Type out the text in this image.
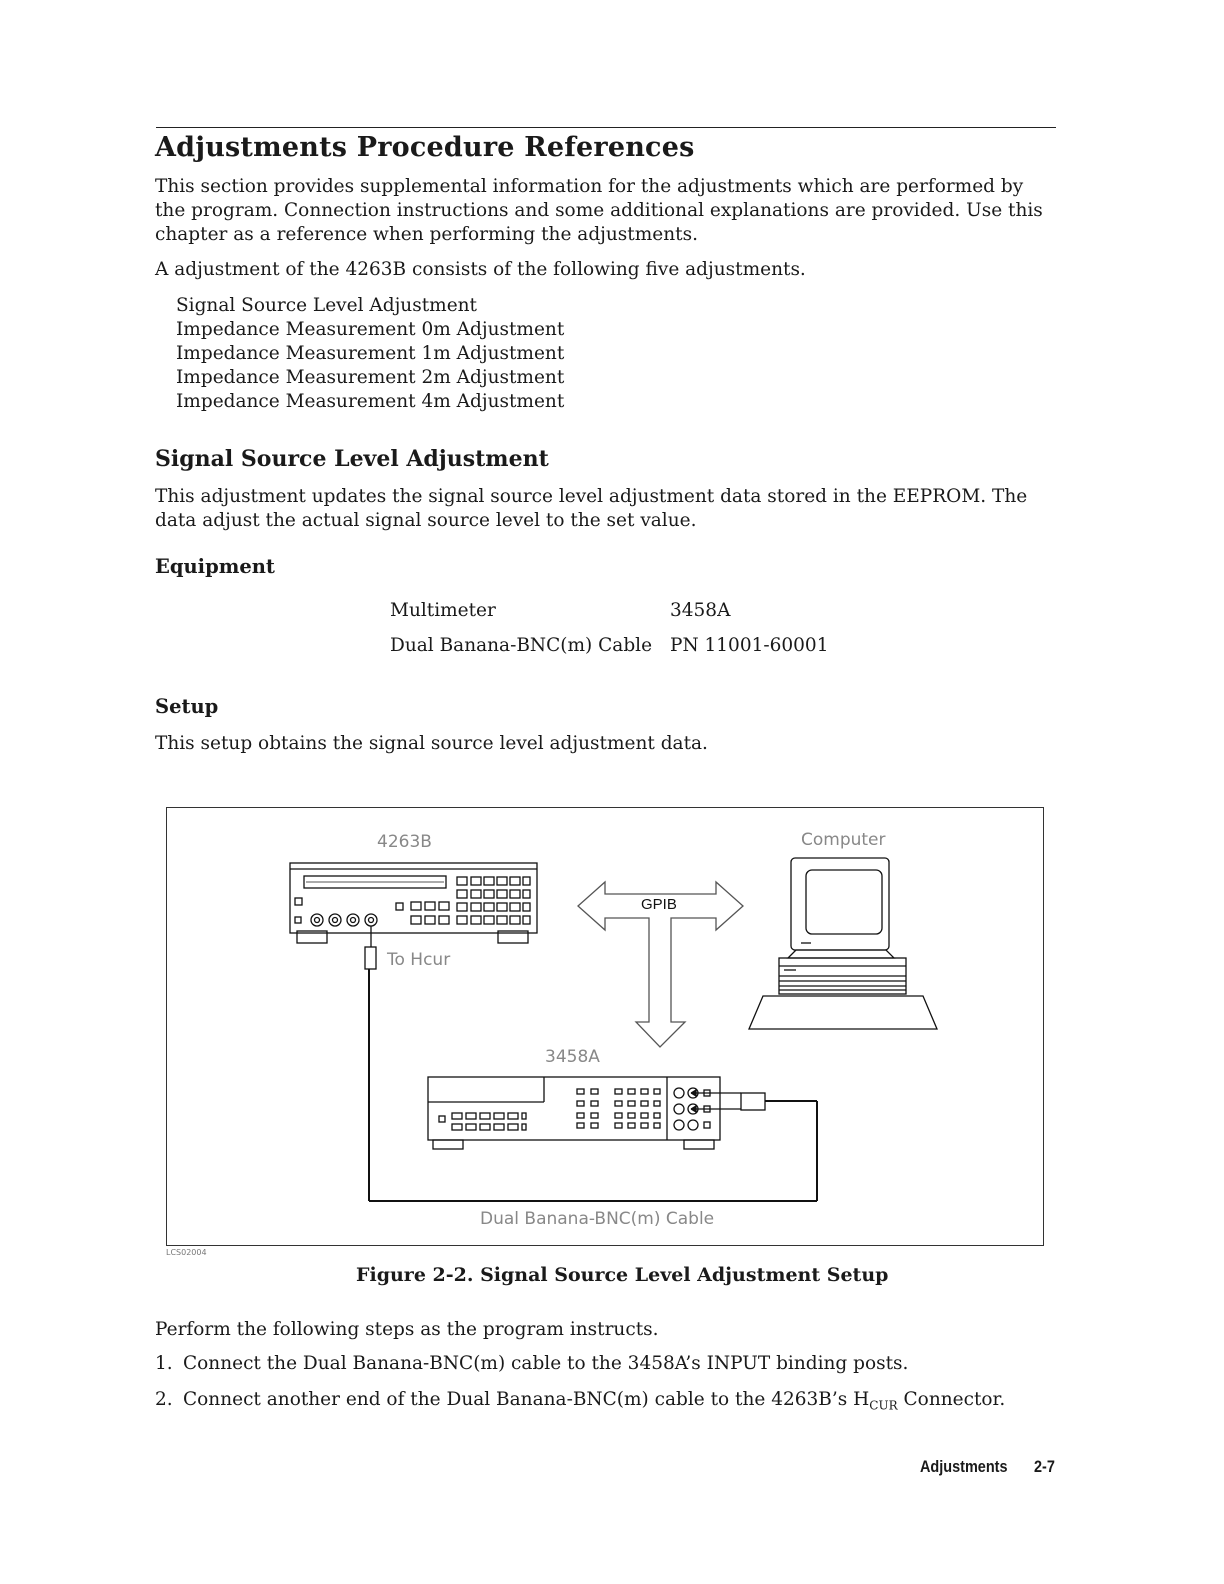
Adjustments Procedure References

This section provides supplemental information for the adjustments which are performed by

the program. Connection instructions and some additional explanations are provided. Use this

chapter as a reference when performing the adjustments.

A adjustment of the 4263B consists of the following five adjustments.

Signal Source Level Adjustment

Impedance Measurement 0m Adjustment

Impedance Measurement 1m Adjustment

Impedance Measurement 2m Adjustment

Impedance Measurement 4m Adjustment

Signal Source Level Adjustment

This adjustment updates the signal source level adjustment data stored in the EEPROM. The

data adjust the actual signal source level to the set value.

Equipment

Multimeter	3458A

Dual Banana-BNC(m) Cable PN 11001-60001

Setup

This setup obtains the signal source level adjustment data.

4263B	Computer
GPIB
To Hcur
3458A
Dual Banana-BNC(m) Cable
LCS02004
Figure 2-2. Signal Source Level Adjustment Setup

Perform the following steps as the program instructs.

1. Connect the Dual Banana-BNC(m) cable to the 3458A’s INPUT binding posts.

2. Connect another end of the Dual Banana-BNC(m) cable to the 4263B’s $H_{CUR}$ Connector.

Adjustments 2-7
